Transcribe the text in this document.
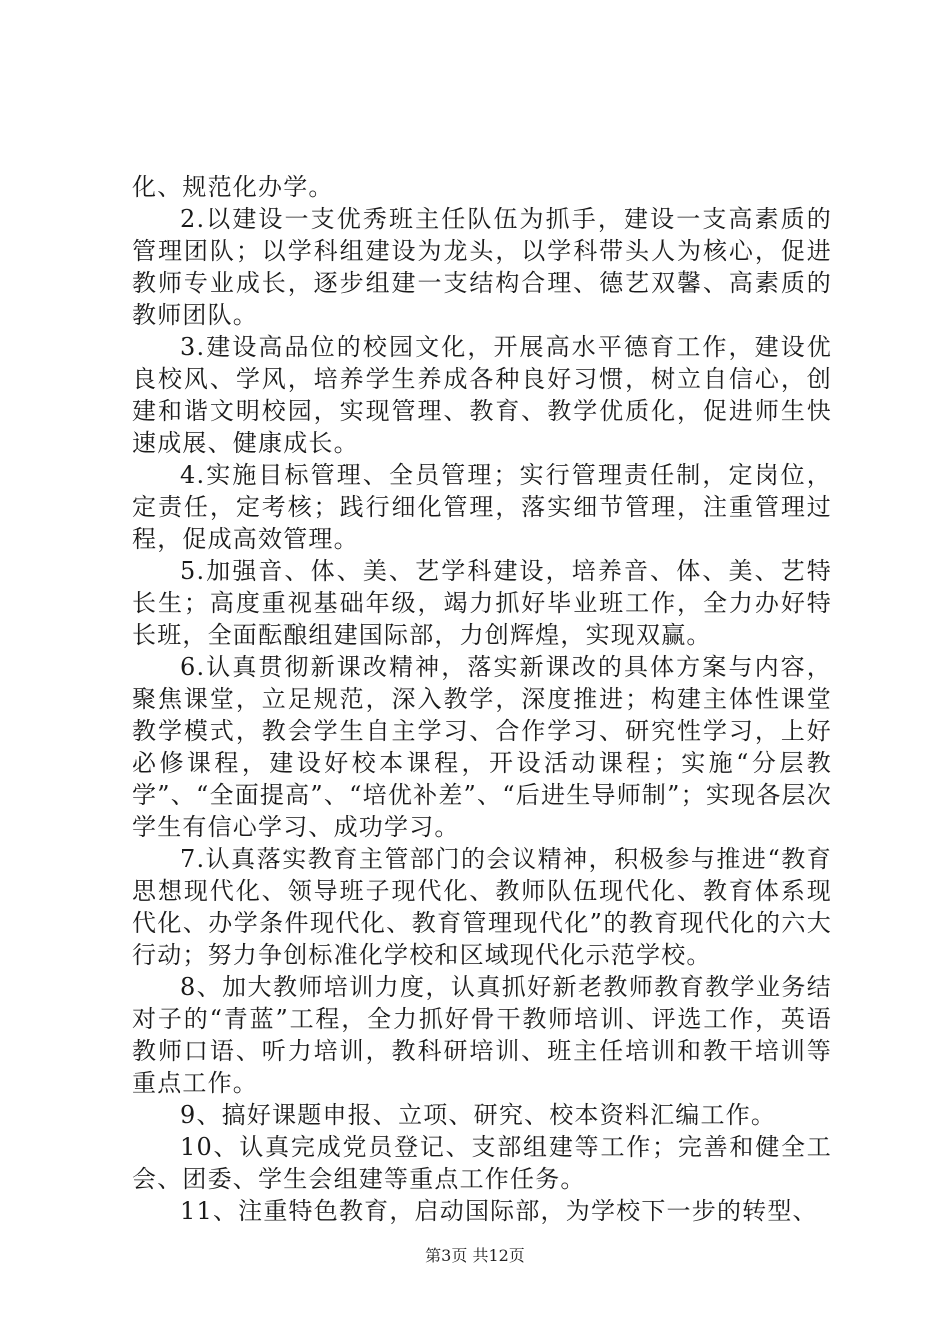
化、规范化办学。

2.以建设一支优秀班主任队伍为抓手，建设一支高素质的管理团队；以学科组建设为龙头，以学科带头人为核心，促进教师专业成长，逐步组建一支结构合理、德艺双馨、高素质的教师团队。

3.建设高品位的校园文化，开展高水平德育工作，建设优良校风、学风，培养学生养成各种良好习惯，树立自信心，创建和谐文明校园，实现管理、教育、教学优质化，促进师生快速成展、健康成长。

4.实施目标管理、全员管理；实行管理责任制，定岗位，定责任，定考核；践行细化管理，落实细节管理，注重管理过程，促成高效管理。

5.加强音、体、美、艺学科建设，培养音、体、美、艺特长生；高度重视基础年级，竭力抓好毕业班工作，全力办好特长班，全面酝酿组建国际部，力创辉煌，实现双赢。

6.认真贯彻新课改精神，落实新课改的具体方案与内容，聚焦课堂，立足规范，深入教学，深度推进；构建主体性课堂教学模式，教会学生自主学习、合作学习、研究性学习，上好必修课程，建设好校本课程，开设活动课程；实施“分层教学”、“全面提高”、“培优补差”、“后进生导师制”；实现各层次学生有信心学习、成功学习。

7.认真落实教育主管部门的会议精神，积极参与推进“教育思想现代化、领导班子现代化、教师队伍现代化、教育体系现代化、办学条件现代化、教育管理现代化”的教育现代化的六大行动；努力争创标准化学校和区域现代化示范学校。

8、加大教师培训力度，认真抓好新老教师教育教学业务结对子的“青蓝”工程，全力抓好骨干教师培训、评选工作，英语教师口语、听力培训，教科研培训、班主任培训和教干培训等重点工作。

9、搞好课题申报、立项、研究、校本资料汇编工作。

10、认真完成党员登记、支部组建等工作；完善和健全工会、团委、学生会组建等重点工作任务。

11、注重特色教育，启动国际部，为学校下一步的转型、

第3页 共12页
